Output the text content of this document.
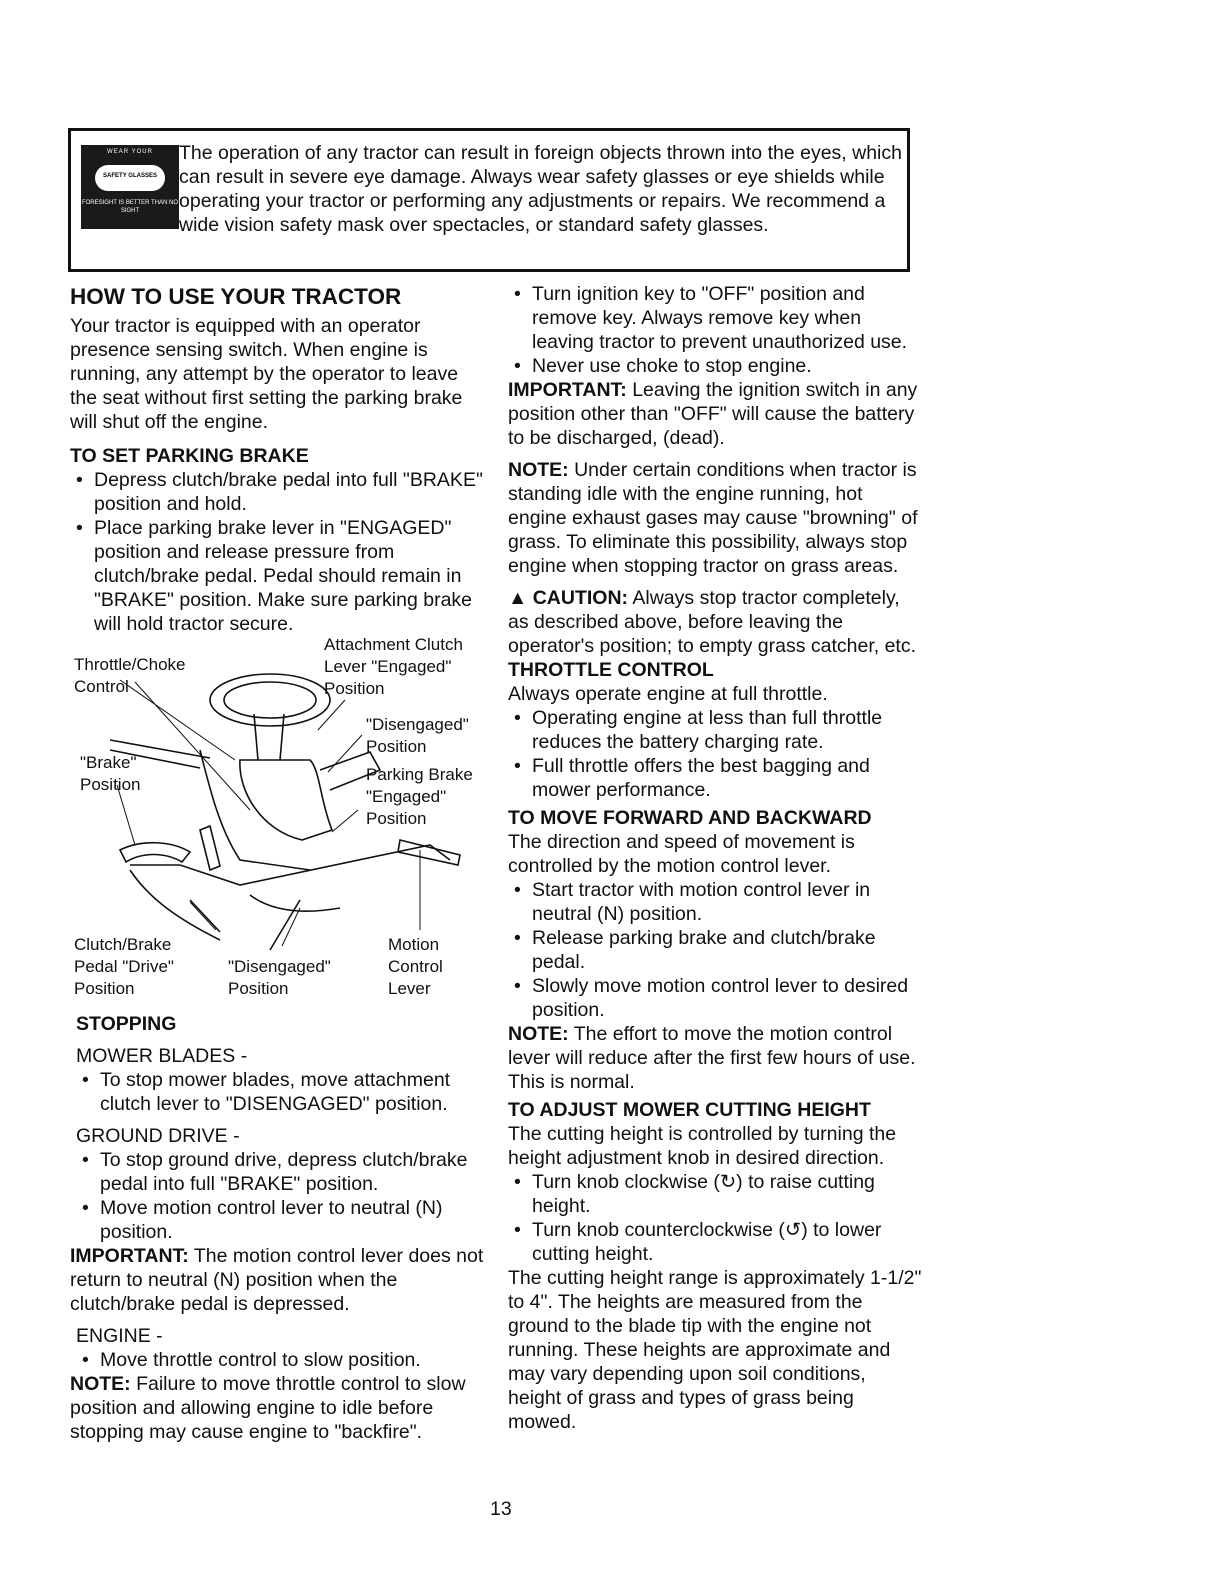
WEAR YOUR
SAFETY GLASSES
FORESIGHT IS BETTER THAN NO SIGHT
The operation of any tractor can result in foreign objects thrown into the eyes, which can result in severe eye damage. Always wear safety glasses or eye shields while operating your tractor or performing any adjustments or repairs. We recommend a wide vision safety mask over spectacles, or standard safety glasses.
HOW TO USE YOUR TRACTOR

Your tractor is equipped with an operator presence sensing switch. When engine is running, any attempt by the operator to leave the seat without first setting the parking brake will shut off the engine.

TO SET PARKING BRAKE
• Depress clutch/brake pedal into full "BRAKE" position and hold.
• Place parking brake lever in "ENGAGED" position and release pressure from clutch/brake pedal. Pedal should remain in "BRAKE" position. Make sure parking brake will hold tractor secure.
Throttle/Choke
Control
Attachment Clutch
Lever "Engaged"
Position
"Disengaged"
Position
"Brake"
Position
Parking Brake
"Engaged"
Position
Clutch/Brake
Pedal "Drive"
Position
"Disengaged"
Position
Motion
Control
Lever
STOPPING

MOWER BLADES -

• To stop mower blades, move attachment clutch lever to "DISENGAGED" position.

GROUND DRIVE -

• To stop ground drive, depress clutch/brake pedal into full "BRAKE" position.
• Move motion control lever to neutral (N) position.

IMPORTANT: The motion control lever does not return to neutral (N) position when the clutch/brake pedal is depressed.

ENGINE -

• Move throttle control to slow position.

NOTE: Failure to move throttle control to slow position and allowing engine to idle before stopping may cause engine to "backfire".

• Turn ignition key to "OFF" position and remove key. Always remove key when leaving tractor to prevent unauthorized use.
• Never use choke to stop engine.

IMPORTANT: Leaving the ignition switch in any position other than "OFF" will cause the battery to be discharged, (dead).

NOTE: Under certain conditions when tractor is standing idle with the engine running, hot engine exhaust gases may cause "browning" of grass. To eliminate this possibility, always stop engine when stopping tractor on grass areas.

▲ CAUTION: Always stop tractor completely, as described above, before leaving the operator's position; to empty grass catcher, etc.

THROTTLE CONTROL

Always operate engine at full throttle.

• Operating engine at less than full throttle reduces the battery charging rate.
• Full throttle offers the best bagging and mower performance.
TO MOVE FORWARD AND BACKWARD

The direction and speed of movement is controlled by the motion control lever.

• Start tractor with motion control lever in neutral (N) position.
• Release parking brake and clutch/brake pedal.
• Slowly move motion control lever to desired position.

NOTE: The effort to move the motion control lever will reduce after the first few hours of use. This is normal.

TO ADJUST MOWER CUTTING HEIGHT

The cutting height is controlled by turning the height adjustment knob in desired direction.

• Turn knob clockwise (↻) to raise cutting height.
• Turn knob counterclockwise (↺) to lower cutting height.

The cutting height range is approximately 1-1/2" to 4". The heights are measured from the ground to the blade tip with the engine not running. These heights are approximate and may vary depending upon soil conditions, height of grass and types of grass being mowed.

13
